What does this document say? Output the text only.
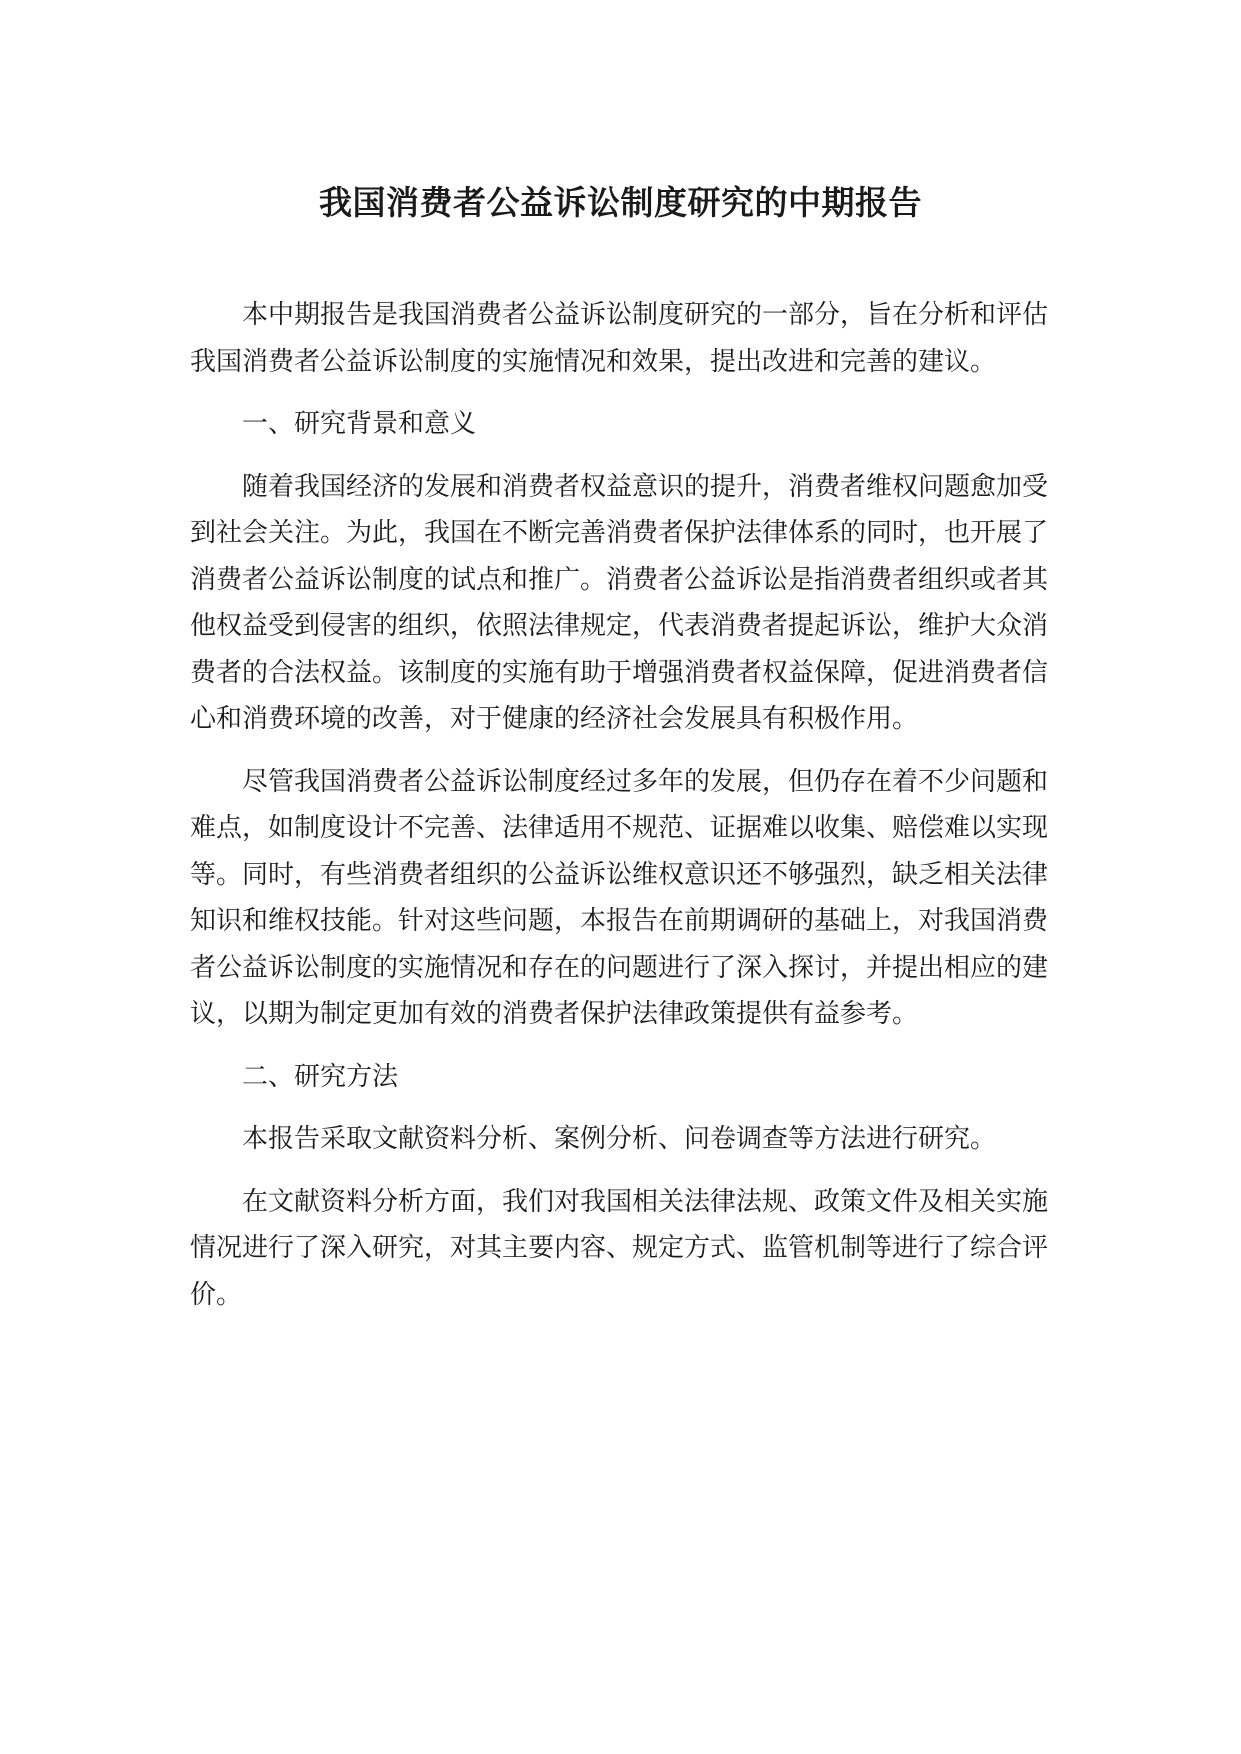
我国消费者公益诉讼制度研究的中期报告

本中期报告是我国消费者公益诉讼制度研究的一部分，旨在分析和评估我国消费者公益诉讼制度的实施情况和效果，提出改进和完善的建议。

一、研究背景和意义

随着我国经济的发展和消费者权益意识的提升，消费者维权问题愈加受到社会关注。为此，我国在不断完善消费者保护法律体系的同时，也开展了消费者公益诉讼制度的试点和推广。消费者公益诉讼是指消费者组织或者其他权益受到侵害的组织，依照法律规定，代表消费者提起诉讼，维护大众消费者的合法权益。该制度的实施有助于增强消费者权益保障，促进消费者信心和消费环境的改善，对于健康的经济社会发展具有积极作用。

尽管我国消费者公益诉讼制度经过多年的发展，但仍存在着不少问题和难点，如制度设计不完善、法律适用不规范、证据难以收集、赔偿难以实现等。同时，有些消费者组织的公益诉讼维权意识还不够强烈，缺乏相关法律知识和维权技能。针对这些问题，本报告在前期调研的基础上，对我国消费者公益诉讼制度的实施情况和存在的问题进行了深入探讨，并提出相应的建议，以期为制定更加有效的消费者保护法律政策提供有益参考。

二、研究方法

本报告采取文献资料分析、案例分析、问卷调查等方法进行研究。

在文献资料分析方面，我们对我国相关法律法规、政策文件及相关实施情况进行了深入研究，对其主要内容、规定方式、监管机制等进行了综合评价。
